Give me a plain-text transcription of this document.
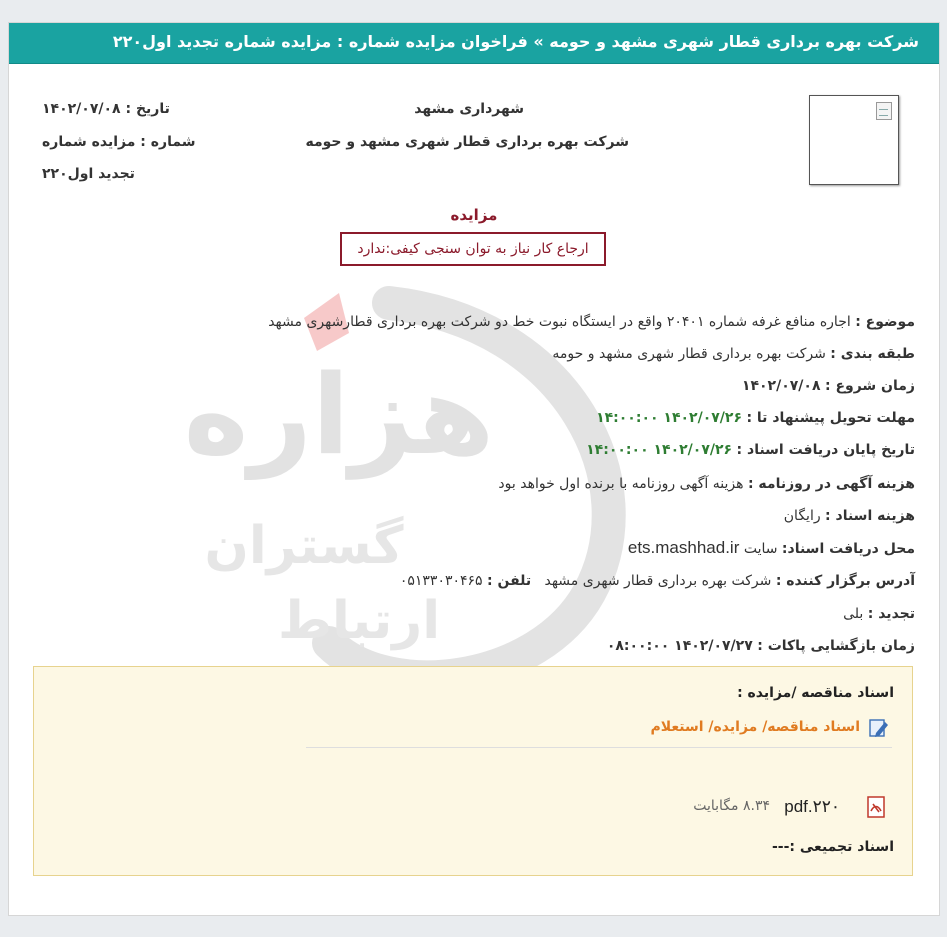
شرکت بهره برداری قطار شهری مشهد و حومه » فراخوان مزایده شماره : مزایده شماره تجدید اول۲۲۰
هزاره
گستران
ارتباط
شهرداری مشهد
شرکت بهره برداری قطار شهری مشهد و حومه
تاریخ : ۱۴۰۲/۰۷/۰۸
شماره : مزایده شماره
تجدید اول۲۲۰
مزایده
ارجاع کار نیاز به توان سنجی کیفی:ندارد
موضوع : اجاره منافع غرفه شماره ۲۰۴۰۱ واقع در ایستگاه نبوت خط دو شرکت بهره برداری قطارشهری مشهد
طبقه بندی : شرکت بهره برداری قطار شهری مشهد و حومه
زمان شروع : ۱۴۰۲/۰۷/۰۸
مهلت تحویل پیشنهاد تا : ۱۴۰۲/۰۷/۲۶ ۱۴:۰۰:۰۰
تاریخ پایان دریافت اسناد : ۱۴۰۲/۰۷/۲۶ ۱۴:۰۰:۰۰
هزینه آگهی در روزنامه : هزینه آگهی روزنامه با برنده اول خواهد بود
هزینه اسناد : رایگان
محل دریافت اسناد: سایت ets.mashhad.ir
آدرس برگزار کننده : شرکت بهره برداری قطار شهری مشهد   تلفن : ۰۵۱۳۳۰۳۰۴۶۵
تجدید : بلی
زمان بازگشایی پاکات : ۱۴۰۲/۰۷/۲۷ ۰۸:۰۰:۰۰
اسناد مناقصه /مزایده :
اسناد مناقصه/ مزایده/ استعلام
pdf.۲۲۰
۸.۳۴ مگابایت
اسناد تجمیعی :---
